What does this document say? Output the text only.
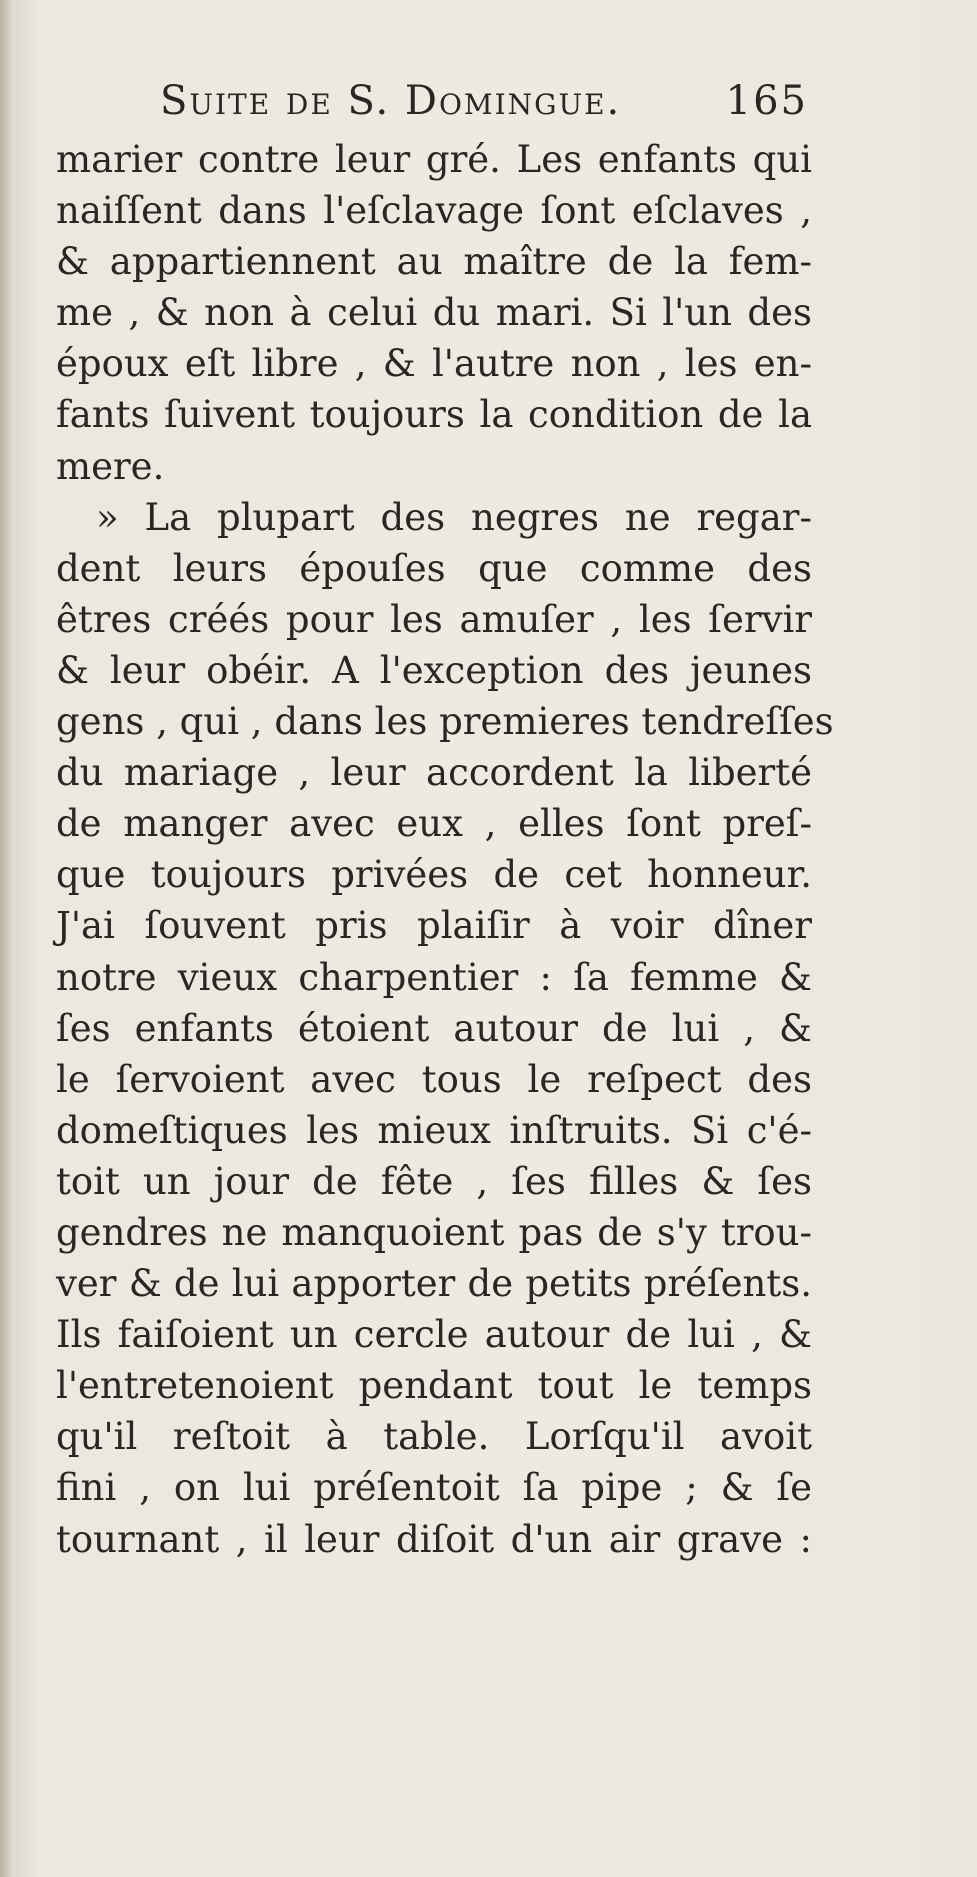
Suite de S. Domingue.	165
marier contre leur gré. Les enfants qui
naiſſent dans l'eſclavage ſont eſclaves ,
& appartiennent au maître de la fem-
me , & non à celui du mari. Si l'un des
époux eſt libre , & l'autre non , les en-
fants ſuivent toujours la condition de la
mere.
» La plupart des negres ne regar-
dent leurs épouſes que comme des
êtres créés pour les amuſer , les ſervir
& leur obéir. A l'exception des jeunes
gens , qui , dans les premieres tendreſſes
du mariage , leur accordent la liberté
de manger avec eux , elles ſont preſ-
que toujours privées de cet honneur.
J'ai ſouvent pris plaiſir à voir dîner
notre vieux charpentier : ſa femme &
ſes enfants étoient autour de lui , &
le ſervoient avec tous le reſpect des
domeſtiques les mieux inſtruits. Si c'é-
toit un jour de fête , ſes filles & ſes
gendres ne manquoient pas de s'y trou-
ver & de lui apporter de petits préſents.
Ils faiſoient un cercle autour de lui , &
l'entretenoient pendant tout le temps
qu'il reſtoit à table. Lorſqu'il avoit
fini , on lui préſentoit ſa pipe ; & ſe
tournant , il leur diſoit d'un air grave :
